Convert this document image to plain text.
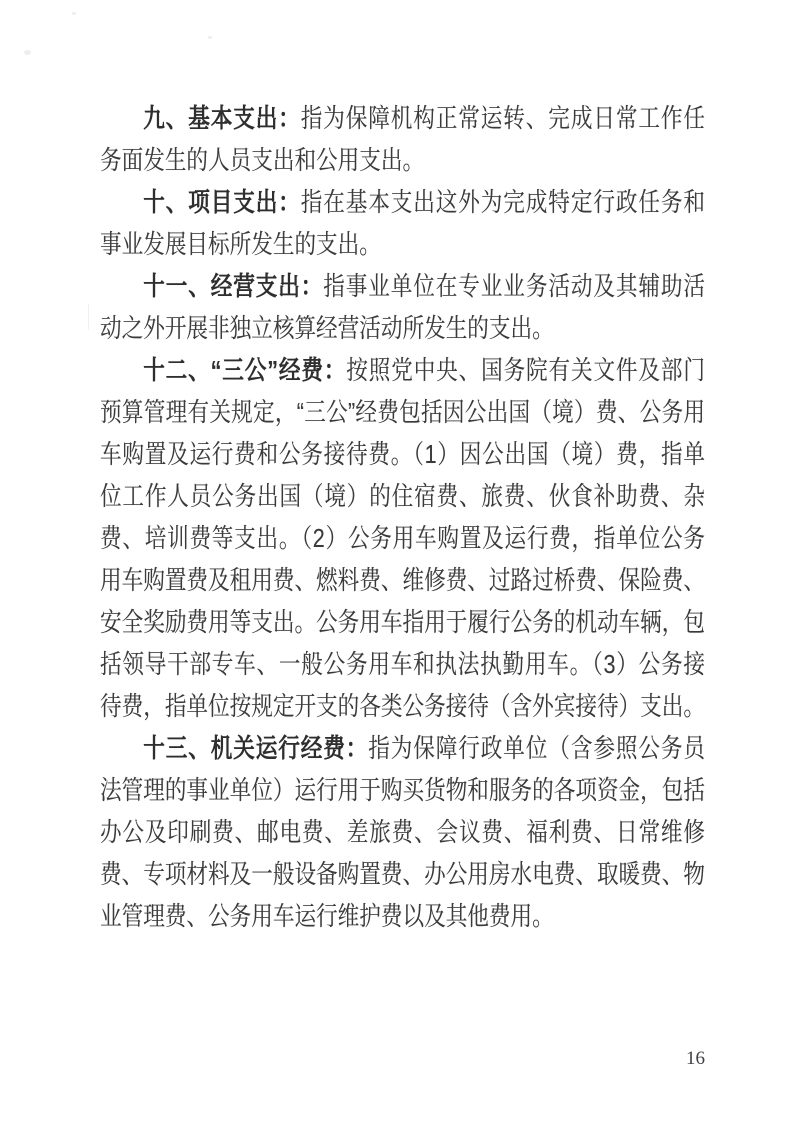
九、基本支出：指为保障机构正常运转、完成日常工作任务面发生的人员支出和公用支出。

十、项目支出：指在基本支出这外为完成特定行政任务和事业发展目标所发生的支出。

十一、经营支出：指事业单位在专业业务活动及其辅助活动之外开展非独立核算经营活动所发生的支出。

十二、“三公”经费：按照党中央、国务院有关文件及部门预算管理有关规定，“三公”经费包括因公出国（境）费、公务用车购置及运行费和公务接待费。（1）因公出国（境）费，指单位工作人员公务出国（境）的住宿费、旅费、伙食补助费、杂费、培训费等支出。（2）公务用车购置及运行费，指单位公务用车购置费及租用费、燃料费、维修费、过路过桥费、保险费、安全奖励费用等支出。公务用车指用于履行公务的机动车辆，包括领导干部专车、一般公务用车和执法执勤用车。（3）公务接待费，指单位按规定开支的各类公务接待（含外宾接待）支出。

十三、机关运行经费：指为保障行政单位（含参照公务员法管理的事业单位）运行用于购买货物和服务的各项资金，包括办公及印刷费、邮电费、差旅费、会议费、福利费、日常维修费、专项材料及一般设备购置费、办公用房水电费、取暖费、物业管理费、公务用车运行维护费以及其他费用。

16
